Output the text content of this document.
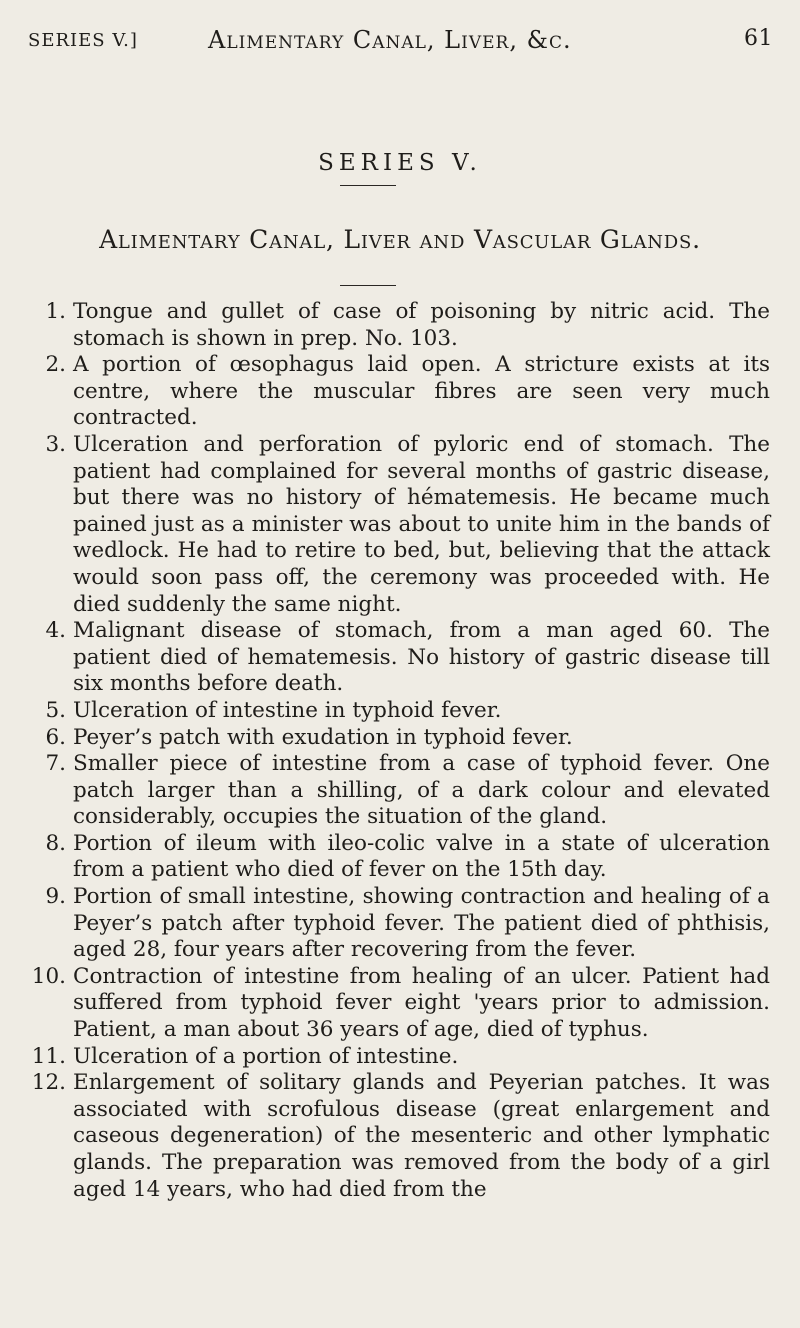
SERIES V.]	Alimentary Canal, Liver, &c.	61
SERIES V.
Alimentary Canal, Liver and Vascular Glands.
1. Tongue and gullet of case of poisoning by nitric acid. The stomach is shown in prep. No. 103.
2. A portion of œsophagus laid open. A stricture exists at its centre, where the muscular fibres are seen very much contracted.
3. Ulceration and perforation of pyloric end of stomach. The patient had complained for several months of gastric disease, but there was no history of hématemesis. He became much pained just as a minister was about to unite him in the bands of wedlock. He had to retire to bed, but, believing that the attack would soon pass off, the ceremony was proceeded with. He died suddenly the same night.
4. Malignant disease of stomach, from a man aged 60. The patient died of hematemesis. No history of gastric disease till six months before death.
5. Ulceration of intestine in typhoid fever.
6. Peyer’s patch with exudation in typhoid fever.
7. Smaller piece of intestine from a case of typhoid fever. One patch larger than a shilling, of a dark colour and elevated considerably, occupies the situation of the gland.
8. Portion of ileum with ileo-colic valve in a state of ulceration from a patient who died of fever on the 15th day.
9. Portion of small intestine, showing contraction and healing of a Peyer’s patch after typhoid fever. The patient died of phthisis, aged 28, four years after recovering from the fever.
10. Contraction of intestine from healing of an ulcer. Patient had suffered from typhoid fever eight 'years prior to admission. Patient, a man about 36 years of age, died of typhus.
11. Ulceration of a portion of intestine.
12. Enlargement of solitary glands and Peyerian patches. It was associated with scrofulous disease (great enlargement and caseous degeneration) of the mesenteric and other lymphatic glands. The preparation was removed from the body of a girl aged 14 years, who had died from the
